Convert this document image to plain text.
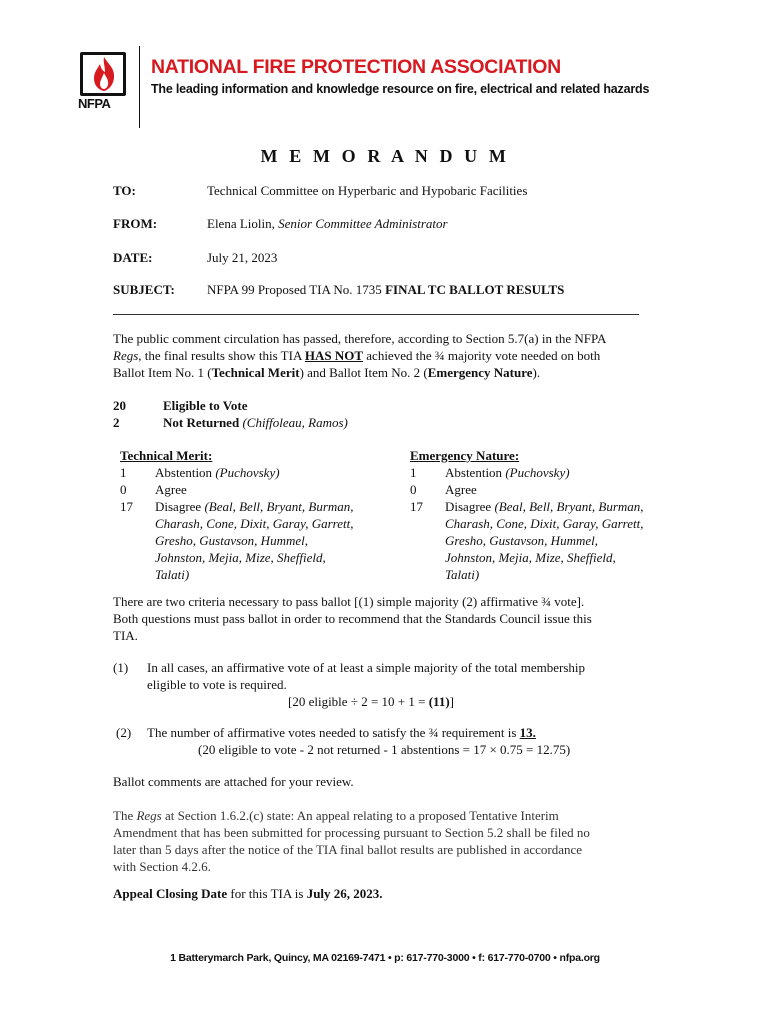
NFPA
NATIONAL FIRE PROTECTION ASSOCIATION
The leading information and knowledge resource on fire, electrical and related hazards
M E M O R A N D U M
TO:	Technical Committee on Hyperbaric and Hypobaric Facilities
FROM:	Elena Liolin, Senior Committee Administrator
DATE:	July 21, 2023
SUBJECT: NFPA 99 Proposed TIA No. 1735 FINAL TC BALLOT RESULTS
The public comment circulation has passed, therefore, according to Section 5.7(a) in the NFPA
Regs, the final results show this TIA HAS NOT achieved the ¾ majority vote needed on both
Ballot Item No. 1 (Technical Merit) and Ballot Item No. 2 (Emergency Nature).
20	Eligible to Vote
2	Not Returned (Chiffoleau, Ramos)
Technical Merit:
1	Abstention (Puchovsky)
0	Agree
17	Disagree (Beal, Bell, Bryant, Burman,
Charash, Cone, Dixit, Garay, Garrett,
Gresho, Gustavson, Hummel,
Johnston, Mejia, Mize, Sheffield,
Talati)
Emergency Nature:
1	Abstention (Puchovsky)
0	Agree
17	Disagree (Beal, Bell, Bryant, Burman,
Charash, Cone, Dixit, Garay, Garrett,
Gresho, Gustavson, Hummel,
Johnston, Mejia, Mize, Sheffield,
Talati)
There are two criteria necessary to pass ballot [(1) simple majority (2) affirmative ¾ vote].
Both questions must pass ballot in order to recommend that the Standards Council issue this
TIA.
(1) In all cases, an affirmative vote of at least a simple majority of the total membership
eligible to vote is required.
[20 eligible ÷ 2 = 10 + 1 = (11)]
(2) The number of affirmative votes needed to satisfy the ¾ requirement is 13.
(20 eligible to vote - 2 not returned - 1 abstentions = 17 × 0.75 = 12.75)
Ballot comments are attached for your review.
The Regs at Section 1.6.2.(c) state: An appeal relating to a proposed Tentative Interim
Amendment that has been submitted for processing pursuant to Section 5.2 shall be filed no
later than 5 days after the notice of the TIA final ballot results are published in accordance
with Section 4.2.6.
Appeal Closing Date for this TIA is July 26, 2023.
1 Batterymarch Park, Quincy, MA 02169-7471 • p: 617-770-3000 • f: 617-770-0700 • nfpa.org
